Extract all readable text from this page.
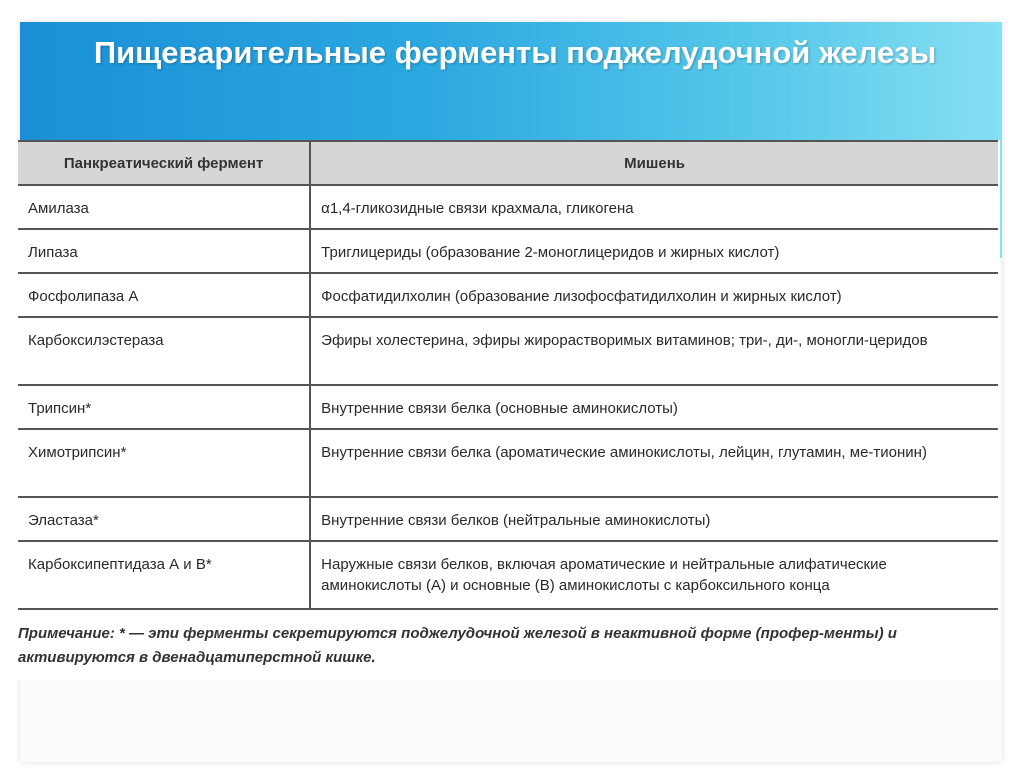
Пищеварительные ферменты поджелудочной железы
Панкреатический фермент	Мишень
Амилаза	α1,4-гликозидные связи крахмала, гликогена
Липаза	Триглицериды (образование 2-моноглицеридов и жирных кислот)
Фосфолипаза А	Фосфатидилхолин (образование лизофосфатидилхолин и жирных кислот)
Карбоксилэстераза	Эфиры холестерина, эфиры жирорастворимых витаминов; три-, ди-, моногли-церидов
Трипсин*	Внутренние связи белка (основные аминокислоты)
Химотрипсин*	Внутренние связи белка (ароматические аминокислоты, лейцин, глутамин, ме-тионин)
Эластаза*	Внутренние связи белков (нейтральные аминокислоты)
Карбоксипептидаза А и В*	Наружные связи белков, включая ароматические и нейтральные алифатические аминокислоты (А) и основные (В) аминокислоты с карбоксильного конца
Примечание: * — эти ферменты секретируются поджелудочной железой в неактивной форме (профер-менты) и активируются в двенадцатиперстной кишке.
